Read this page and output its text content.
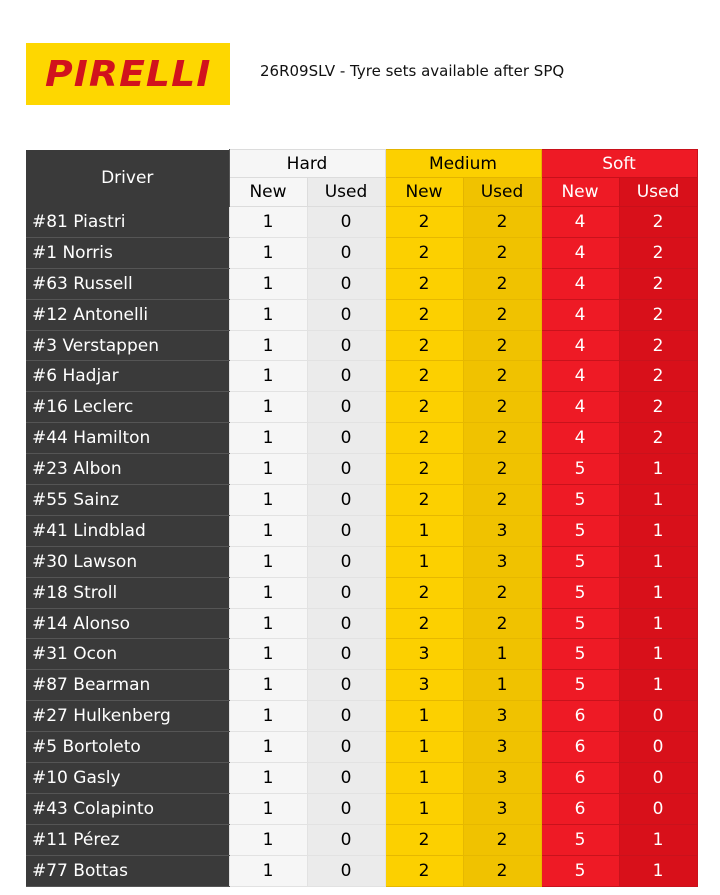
PIRELLI	26R09SLV - Tyre sets available after SPQ
Driver	Hard		Medium		Soft	
	New	Used	New	Used	New	Used
#81 Piastri	1	0	2	2	4	2
#1 Norris	1	0	2	2	4	2
#63 Russell	1	0	2	2	4	2
#12 Antonelli	1	0	2	2	4	2
#3 Verstappen	1	0	2	2	4	2
#6 Hadjar	1	0	2	2	4	2
#16 Leclerc	1	0	2	2	4	2
#44 Hamilton	1	0	2	2	4	2
#23 Albon	1	0	2	2	5	1
#55 Sainz	1	0	2	2	5	1
#41 Lindblad	1	0	1	3	5	1
#30 Lawson	1	0	1	3	5	1
#18 Stroll	1	0	2	2	5	1
#14 Alonso	1	0	2	2	5	1
#31 Ocon	1	0	3	1	5	1
#87 Bearman	1	0	3	1	5	1
#27 Hulkenberg	1	0	1	3	6	0
#5 Bortoleto	1	0	1	3	6	0
#10 Gasly	1	0	1	3	6	0
#43 Colapinto	1	0	1	3	6	0
#11 Pérez	1	0	2	2	5	1
#77 Bottas	1	0	2	2	5	1
